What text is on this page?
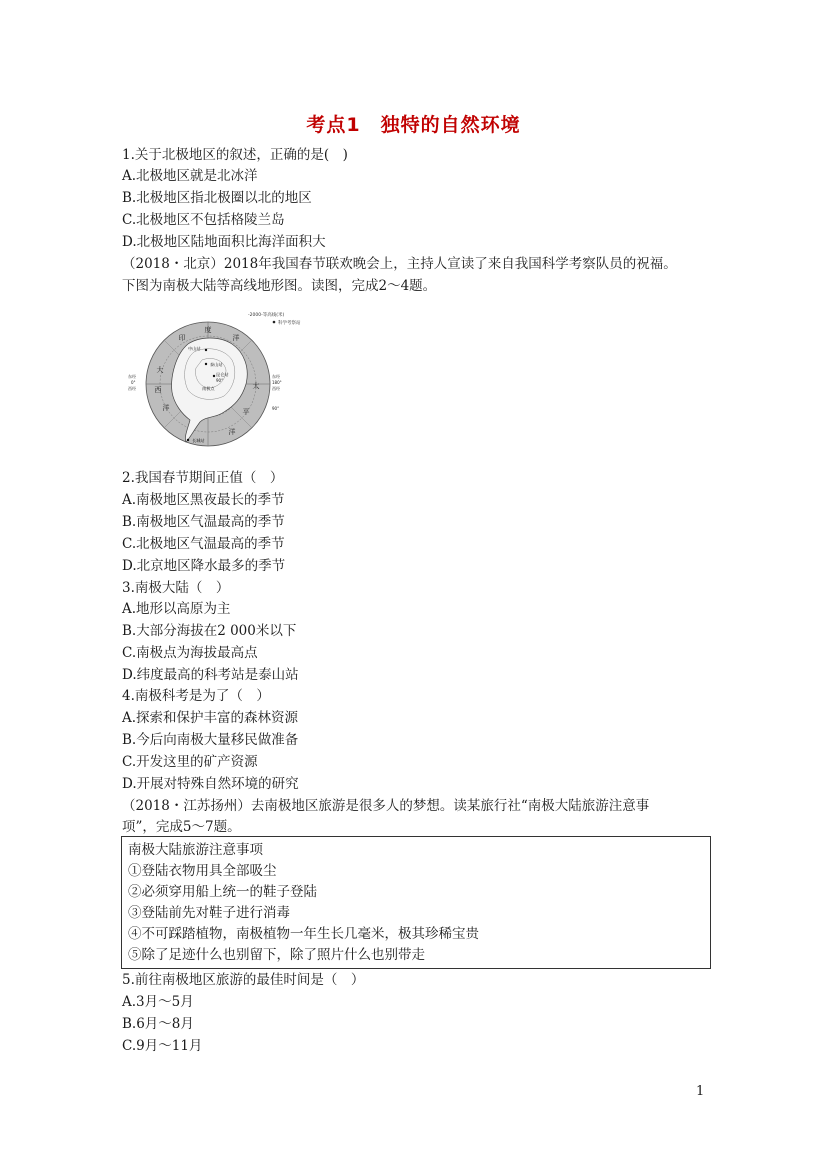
考点1　独特的自然环境
1.关于北极地区的叙述，正确的是(　)
A.北极地区就是北冰洋
B.北极地区指北极圈以北的地区
C.北极地区不包括格陵兰岛
D.北极地区陆地面积比海洋面积大
（2018・北京）2018年我国春节联欢晚会上，主持人宣读了来自我国科学考察队员的祝福。
下图为南极大陆等高线地形图。读图，完成2～4题。
-2000-等高线(米)
科学考察站
印
度
洋
太
平
洋
大
西
洋
中山站
泰山站
昆仑站
长城站
南极点
东经
0°
西经
东经
180°
西经
90°
90°
2.我国春节期间正值（　）
A.南极地区黑夜最长的季节
B.南极地区气温最高的季节
C.北极地区气温最高的季节
D.北京地区降水最多的季节
3.南极大陆（　）
A.地形以高原为主
B.大部分海拔在2 000米以下
C.南极点为海拔最高点
D.纬度最高的科考站是泰山站
4.南极科考是为了（　）
A.探索和保护丰富的森林资源
B.今后向南极大量移民做准备
C.开发这里的矿产资源
D.开展对特殊自然环境的研究
（2018・江苏扬州）去南极地区旅游是很多人的梦想。读某旅行社“南极大陆旅游注意事
项”，完成5～7题。
南极大陆旅游注意事项
①登陆衣物用具全部吸尘
②必须穿用船上统一的鞋子登陆
③登陆前先对鞋子进行消毒
④不可踩踏植物，南极植物一年生长几毫米，极其珍稀宝贵
⑤除了足迹什么也别留下，除了照片什么也别带走
5.前往南极地区旅游的最佳时间是（　）
A.3月～5月
B.6月～8月
C.9月～11月
1
